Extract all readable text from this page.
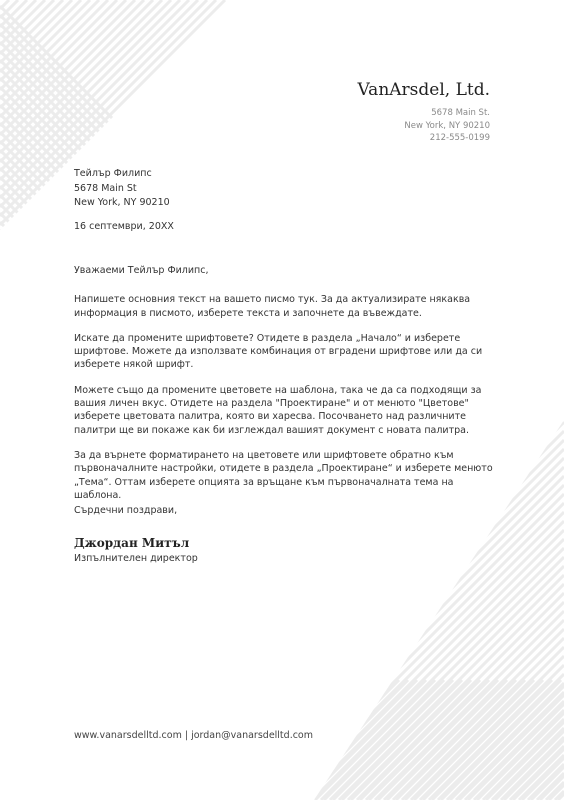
VanArsdel, Ltd.
5678 Main St.
New York, NY 90210
212-555-0199
Тейлър Филипс
5678 Main St
New York, NY 90210
16 септември, 20XX

Уважаеми Тейлър Филипс,

Напишете основния текст на вашето писмо тук. За да актуализирате някаква информация в писмото, изберете текста и започнете да въвеждате.

Искате да промените шрифтовете? Отидете в раздела „Начало“ и изберете шрифтове. Можете да използвате комбинация от вградени шрифтове или да си изберете някой шрифт.

Можете също да промените цветовете на шаблона, така че да са подходящи за вашия личен вкус. Отидете на раздела "Проектиране" и от менюто "Цветове" изберете цветовата палитра, която ви харесва. Посочването над различните палитри ще ви покаже как би изглеждал вашият документ с новата палитра.

За да върнете форматирането на цветовете или шрифтовете обратно към първоначалните настройки, отидете в раздела „Проектиране“ и изберете менюто „Тема“. Оттам изберете опцията за връщане към първоначалната тема на шаблона.

Сърдечни поздрави,
Джордан Митъл
Изпълнителен директор
www.vanarsdelltd.com | jordan@vanarsdelltd.com
